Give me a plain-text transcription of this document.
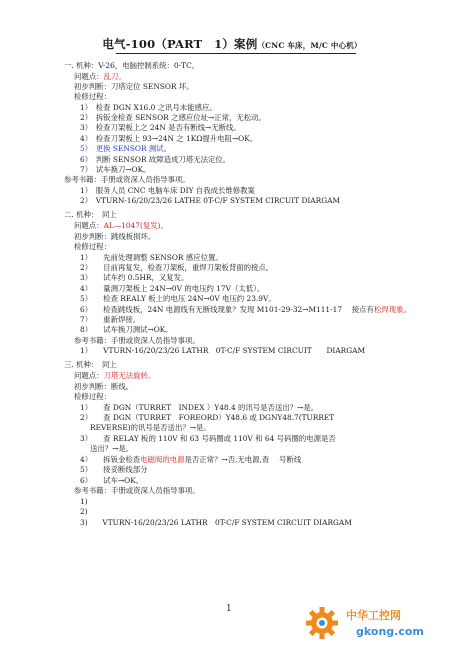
电气-100（PART　1）案例（CNC 车床，M/C 中心机）
一. 机种：V-26，电脑控制系统：0-TC。
问题点：乱刀。
初步判断：刀塔定位 SENSOR 坏。
检修过程：
1）　检查 DGN X16.0 之讯号未能感应。
2）　拆钣金检查 SENSOR 之感应位址→正常，无松动。
3）　检查刀架板上之 24N 是否有断线→无断线。
4）　检查刀架板上 93→24N 之 1KΩ提升电阻→OK。
5）　更换 SENSOR 测试。
6）　判断 SENSOR 故障造成刀塔无法定位。
7）　试车换刀→OK。
参考书籍：手册或资深人员指导事项。
1）　服务人员 CNC 电脑车床 DIY 自我成长维修教案
2）　VTURN-16/20/23/26 LATHE 0T-C/F SYSTEM CIRCUIT DIARGAM
二. 机种：　同上
问题点：AL—1047(复发)。
初步判断：跳线板损坏。
检修过程：
1）　　先前处理调整 SENSOR 感应位置。
2）　　目前再复发，检查刀架板，重焊刀架板背面的接点。
3）　　试车约 0.5HR，又复发。
4）　　量测刀架板上 24N→0V 的电压约 17V（太低）。
5）　　检查 REALY 板上的电压 24N→0V 电压约 23.9V。
6）　　检查跳线板，24N 电源线有无断线现象？发现 M101-29-32→M111-17　 接点有松焊现象。
7）　　重新焊接。
8）　　试车换刀测试→OK。
参考书籍：手册或资深人员指导事项。
1）　　VTURN-16/20/23/26 LATHR　0T-C/F SYSTEM CIRCUIT　　DIARGAM
三. 机种：　同上
问题点：刀塔无法旋转。
初步判断：断线。
检修过程：
1）　　查 DGN（TURRET　INDEX ）Y48.4 的讯号是否送出？→是。
2）　　查 DGN（TURRET　FOREORD）Y48.6 或 DGNY48.7(TURRET
REVERSE)的讯号是否送出？→是。
3）　　查 RELAY 板的 110V 和 63 号码圈或 110V 和 64 号码圈的电源是否
送出？→是。
4）　　拆钣金检查电磁阀的电源是否正常？→否,无电源,查　 号断线
5）　　接妥断线部分
6）　　试车→OK。
参考书籍：手册或资深人员指导事项。
1)
2)
3)　　VTURN-16/20/23/26 LATHR　0T-C/F SYSTEM CIRCUIT DIARGAM
1	中华工控网
gkong.com
